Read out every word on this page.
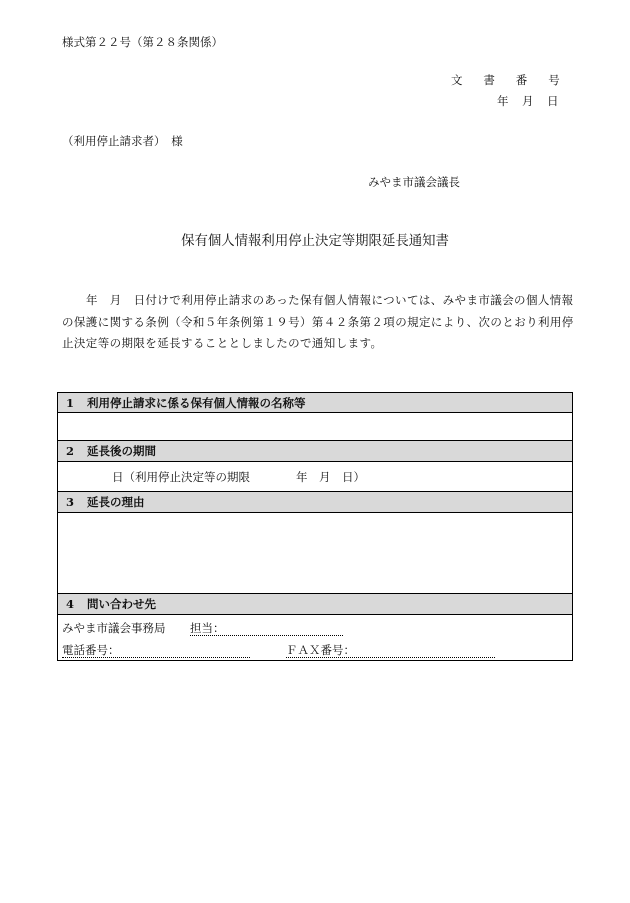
様式第２２号（第２８条関係）
文　書　番　号
年　月　日
（利用停止請求者）　様
みやま市議会議長
保有個人情報利用停止決定等期限延長通知書
年　月　日付けで利用停止請求のあった保有個人情報については、みやま市議会の個人情報
の保護に関する条例（令和５年条例第１９号）第４２条第２項の規定により、次のとおり利用停
止決定等の期限を延長することとしましたので通知します。
1	利用停止請求に係る保有個人情報の名称等
2	延長後の期間
日（利用停止決定等の期限　　　　年　月　日）
3	延長の理由
4	問い合わせ先
みやま市議会事務局 担当：
電話番号：	ＦＡＸ番号：
